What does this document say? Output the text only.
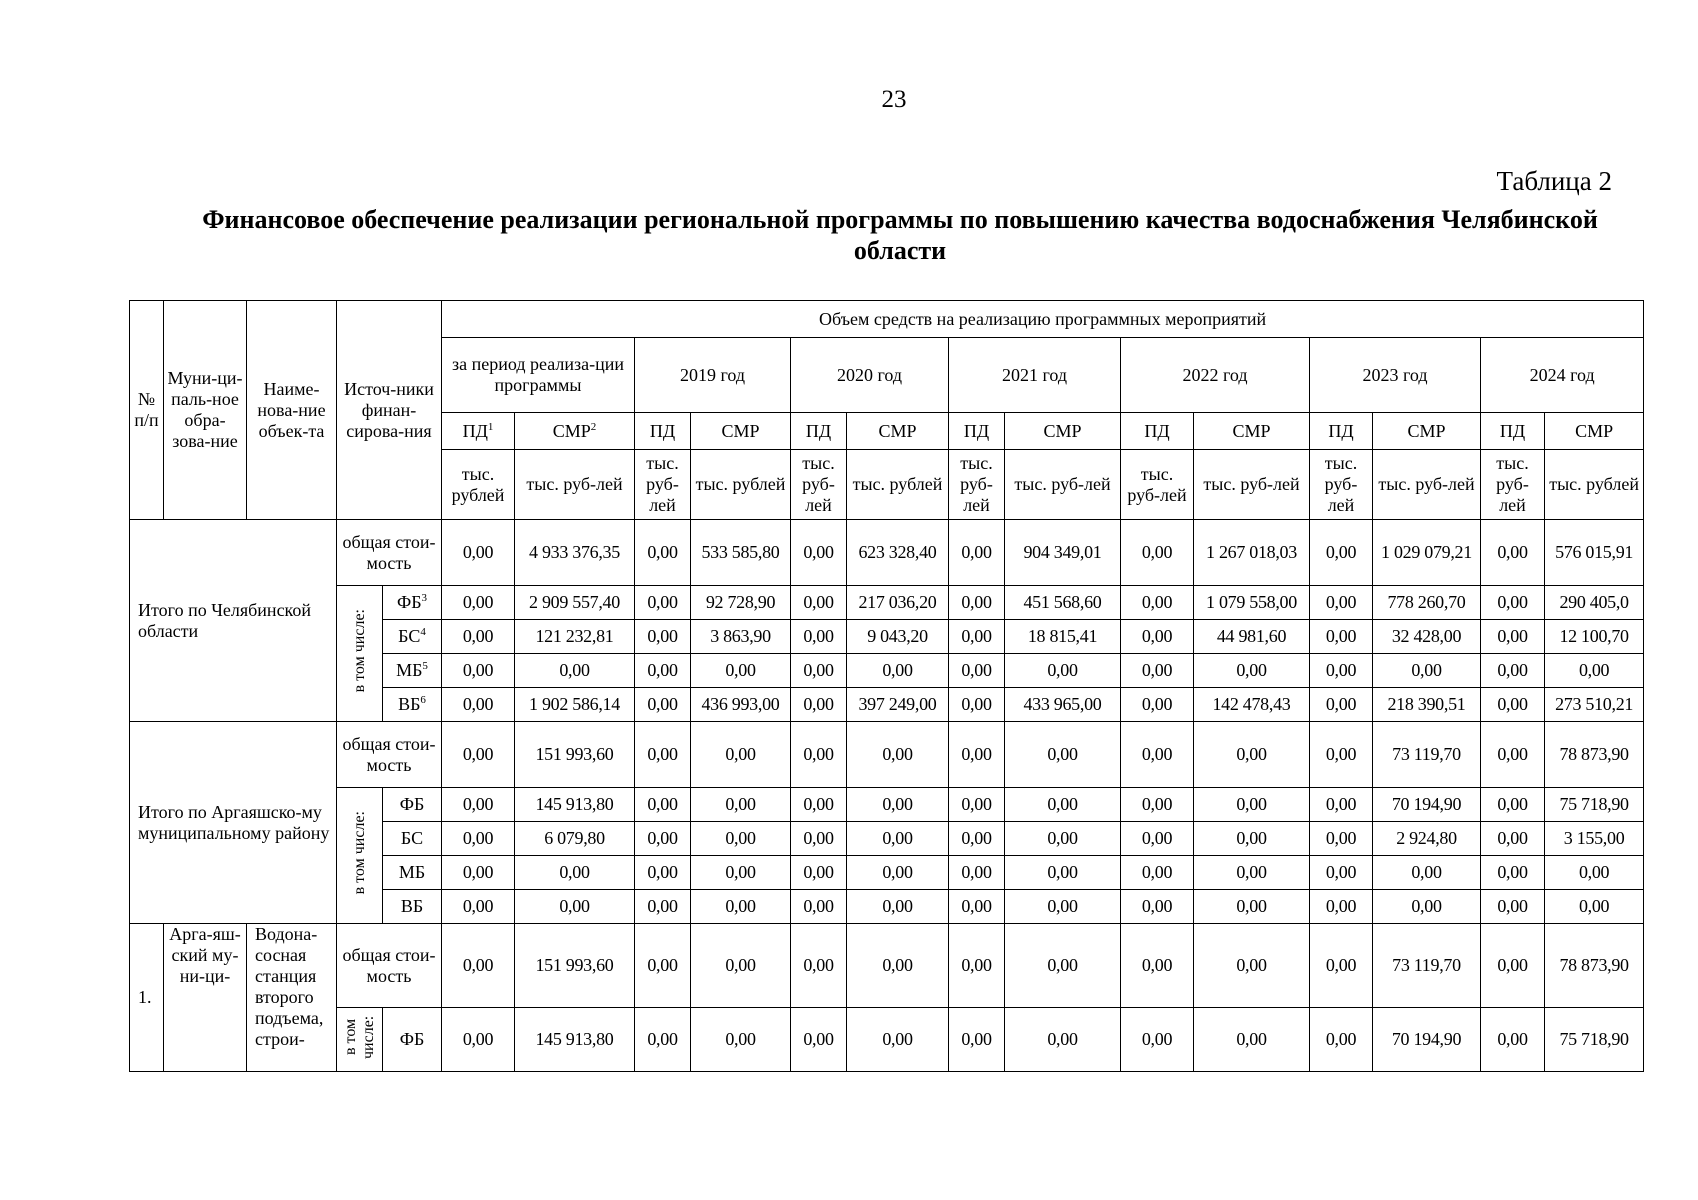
23
Таблица 2
Финансовое обеспечение реализации региональной программы по повышению качества водоснабжения Челябинской области
№ п/п	Муни-ци-паль-ное обра-зова-ние	Наиме-нова-ние объек-та	Источ-ники финан-сирова-ния		Объем средств на реализацию программных мероприятий													
					за период реализа-ции программы		2019 год		2020 год		2021 год		2022 год		2023 год		2024 год	
					$ПД^1$	СМР$^2$	ПД	СМР	ПД	СМР	ПД	СМР	ПД	СМР	ПД	СМР	ПД	СМР
					тыс. рублей	тыс. руб-лей	тыс. руб-лей	тыс. рублей	тыс. руб-лей	тыс. рублей	тыс. руб-лей	тыс. руб-лей	тыс. руб-лей	тыс. руб-лей	тыс. руб-лей	тыс. руб-лей	тыс. руб-лей	тыс. рублей
Итого по Челябинской области			общая стои-мость		0,00	4 933 376,35	0,00	533 585,80	0,00	623 328,40	0,00	904 349,01	0,00	1 267 018,03	0,00	1 029 079,21	0,00	576 015,91
			в том числе:	$ФБ^3$	0,00	2 909 557,40	0,00	92 728,90	0,00	217 036,20	0,00	451 568,60	0,00	1 079 558,00	0,00	778 260,70	0,00	290 405,0
				$БС^4$	0,00	121 232,81	0,00	3 863,90	0,00	9 043,20	0,00	18 815,41	0,00	44 981,60	0,00	32 428,00	0,00	12 100,70
				$МБ^5$	0,00	0,00	0,00	0,00	0,00	0,00	0,00	0,00	0,00	0,00	0,00	0,00	0,00	0,00
				$ВБ^6$	0,00	1 902 586,14	0,00	436 993,00	0,00	397 249,00	0,00	433 965,00	0,00	142 478,43	0,00	218 390,51	0,00	273 510,21
Итого по Аргаяшско-му муниципальному району			общая стои-мость		0,00	151 993,60	0,00	0,00	0,00	0,00	0,00	0,00	0,00	0,00	0,00	73 119,70	0,00	78 873,90
			в том числе:	ФБ	0,00	145 913,80	0,00	0,00	0,00	0,00	0,00	0,00	0,00	0,00	0,00	70 194,90	0,00	75 718,90
				БС	0,00	6 079,80	0,00	0,00	0,00	0,00	0,00	0,00	0,00	0,00	0,00	2 924,80	0,00	3 155,00
				МБ	0,00	0,00	0,00	0,00	0,00	0,00	0,00	0,00	0,00	0,00	0,00	0,00	0,00	0,00
				ВБ	0,00	0,00	0,00	0,00	0,00	0,00	0,00	0,00	0,00	0,00	0,00	0,00	0,00	0,00
1.	Арга-яш-ский му-ни-ци-	Водона-сосная станция второго подъема, строи-	общая стои-мость		0,00	151 993,60	0,00	0,00	0,00	0,00	0,00	0,00	0,00	0,00	0,00	73 119,70	0,00	78 873,90
			в том числе:	ФБ	0,00	145 913,80	0,00	0,00	0,00	0,00	0,00	0,00	0,00	0,00	0,00	70 194,90	0,00	75 718,90
